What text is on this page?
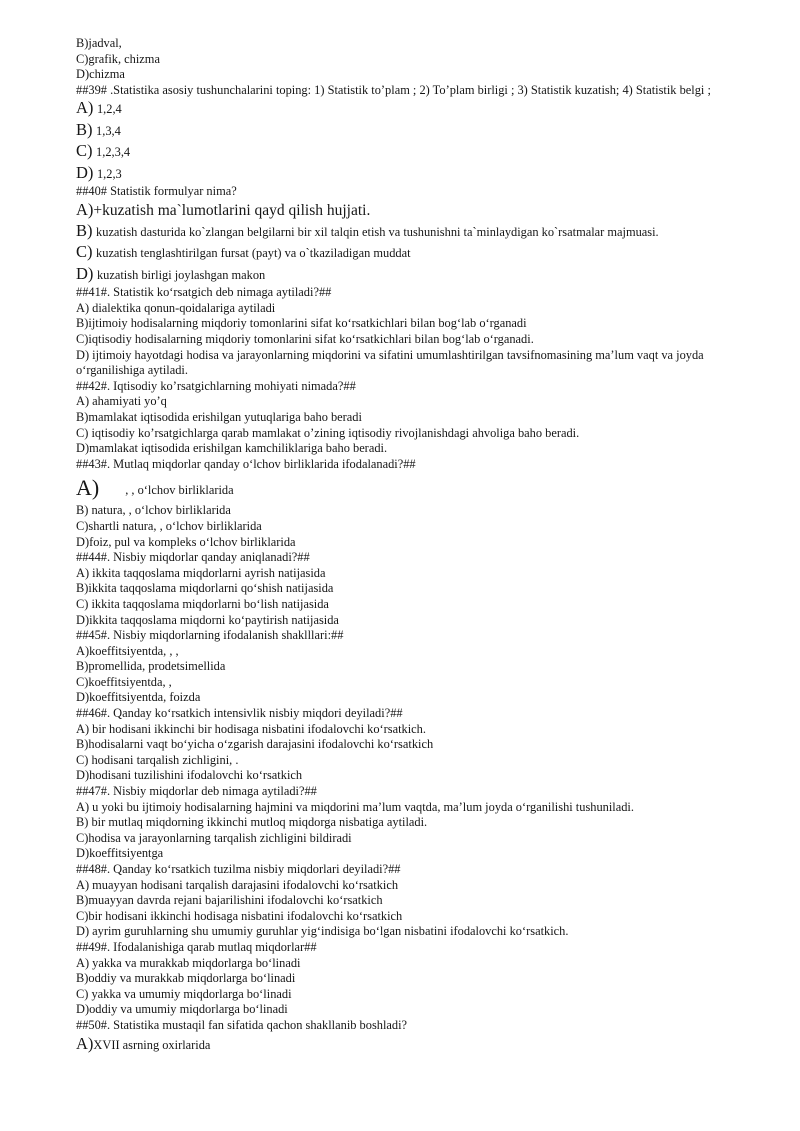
B)jadval,
C)grafik, chizma
D)chizma
##39# .Statistika asosiy tushunchalarini toping: 1) Statistik to’plam ; 2) To’plam birligi ; 3) Statistik kuzatish; 4) Statistik belgi ;
A) 1,2,4
B) 1,3,4
C) 1,2,3,4
D) 1,2,3
##40# Statistik formulyar nima?
A)+kuzatish ma`lumotlarini qayd qilish hujjati.
B) kuzatish dasturida ko`zlangan belgilarni bir xil talqin etish va tushunishni ta`minlaydigan ko`rsatmalar majmuasi.
C) kuzatish tenglashtirilgan fursat (payt) va o`tkaziladigan muddat
D) kuzatish birligi joylashgan makon
##41#. Statistik ko‘rsatgich deb nimaga aytiladi?##
A) dialektika qonun-qoidalariga aytiladi
B)ijtimoiy hodisalarning miqdoriy tomonlarini sifat ko‘rsatkichlari bilan bog‘lab o‘rganadi
C)iqtisodiy hodisalarning miqdoriy tomonlarini sifat ko‘rsatkichlari bilan bog‘lab o‘rganadi.
D) ijtimoiy hayotdagi hodisa va jarayonlarning miqdorini va sifatini umumlashtirilgan tavsifnomasining ma’lum vaqt va joyda o‘rganilishiga aytiladi.
##42#. Iqtisodiy ko’rsatgichlarning mohiyati nimada?##
A) ahamiyati yo’q
B)mamlakat iqtisodida erishilgan yutuqlariga baho beradi
C) iqtisodiy ko’rsatgichlarga qarab mamlakat o’zining iqtisodiy rivojlanishdagi ahvoliga baho beradi.
D)mamlakat iqtisodida erishilgan kamchiliklariga baho beradi.
##43#. Mutlaq miqdorlar qanday o‘lchov birliklarida ifodalanadi?##
A) , , o‘lchov birliklarida
B) natura, , o‘lchov birliklarida
C)shartli natura, , o‘lchov birliklarida
D)foiz, pul va kompleks o‘lchov birliklarida
##44#. Nisbiy miqdorlar qanday aniqlanadi?##
A) ikkita taqqoslama miqdorlarni ayrish natijasida
B)ikkita taqqoslama miqdorlarni qo‘shish natijasida
C) ikkita taqqoslama miqdorlarni bo‘lish natijasida
D)ikkita taqqoslama miqdorni ko‘paytirish natijasida
##45#. Nisbiy miqdorlarning ifodalanish shaklllari:##
A)koeffitsiyentda, , ,
B)promellida, prodetsimellida
C)koeffitsiyentda, ,
D)koeffitsiyentda, foizda
##46#. Qanday ko‘rsatkich intensivlik nisbiy miqdori deyiladi?##
A) bir hodisani ikkinchi bir hodisaga nisbatini ifodalovchi ko‘rsatkich.
B)hodisalarni vaqt bo‘yicha o‘zgarish darajasini ifodalovchi ko‘rsatkich
C) hodisani tarqalish zichligini, .
D)hodisani tuzilishini ifodalovchi ko‘rsatkich
##47#. Nisbiy miqdorlar deb nimaga aytiladi?##
A) u yoki bu ijtimoiy hodisalarning hajmini va miqdorini ma’lum vaqtda, ma’lum joyda o‘rganilishi tushuniladi.
B) bir mutlaq miqdorning ikkinchi mutloq miqdorga nisbatiga aytiladi.
C)hodisa va jarayonlarning tarqalish zichligini bildiradi
D)koeffitsiyentga
##48#. Qanday ko‘rsatkich tuzilma nisbiy miqdorlari deyiladi?##
A) muayyan hodisani tarqalish darajasini ifodalovchi ko‘rsatkich
B)muayyan davrda rejani bajarilishini ifodalovchi ko‘rsatkich
C)bir hodisani ikkinchi hodisaga nisbatini ifodalovchi ko‘rsatkich
D) ayrim guruhlarning shu umumiy guruhlar yig‘indisiga bo‘lgan nisbatini ifodalovchi ko‘rsatkich.
##49#. Ifodalanishiga qarab mutlaq miqdorlar##
A) yakka va murakkab miqdorlarga bo‘linadi
B)oddiy va murakkab miqdorlarga bo‘linadi
C) yakka va umumiy miqdorlarga bo‘linadi
D)oddiy va umumiy miqdorlarga bo‘linadi
##50#. Statistika mustaqil fan sifatida qachon shakllanib boshladi?
A)XVII asrning oxirlarida
